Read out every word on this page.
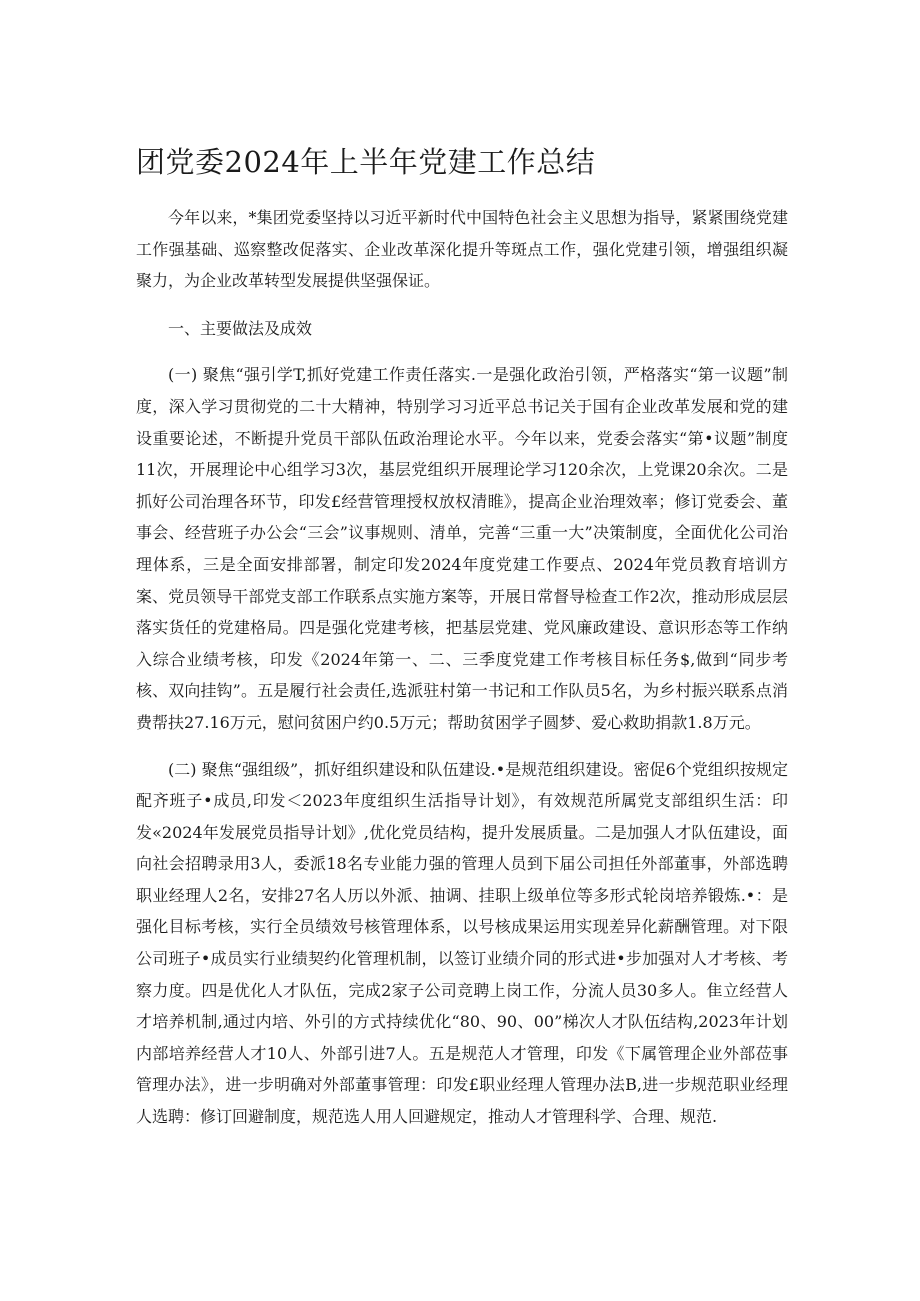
团党委2024年上半年党建工作总结

今年以来，*集团党委坚持以习近平新时代中国特色社会主义思想为指导，紧紧围绕党建工作强基础、巡察整改促落实、企业改革深化提升等斑点工作，强化党建引领，增强组织凝聚力，为企业改革转型发展提供坚强保证。

一、主要做法及成效

(一) 聚焦“强引学T,抓好党建工作责任落实.一是强化政治引领，严格落实“第一议题”制度，深入学习贯彻党的二十大精神，特别学习习近平总书记关于国有企业改革发展和党的建设重要论述，不断提升党员干部队伍政治理论水平。今年以来，党委会落实“第•议题”制度11次，开展理论中心组学习3次，基层党组织开展理论学习120余次，上党课20余次。二是抓好公司治理各环节，印发£经营管理授权放权清睢》，提高企业治理效率；修订党委会、董事会、经营班子办公会“三会”议事规则、清单，完善“三重一大”决策制度，全面优化公司治理体系，三是全面安排部署，制定印发2024年度党建工作要点、2024年党员教育培训方案、党员领导干部党支部工作联系点实施方案等，开展日常督导检查工作2次，推动形成层层落实货任的党建格局。四是强化党建考核，把基层党建、党风廉政建设、意识形态等工作纳入综合业绩考核，印发《2024年第一、二、三季度党建工作考核目标任务$,做到“同步考核、双向挂钩”。五是履行社会责任,选派驻村第一书记和工作队员5名，为乡村振兴联系点消费帮扶27.16万元，慰问贫困户约0.5万元；帮助贫困学子圆梦、爱心救助捐款1.8万元。

(二) 聚焦“强组级”，抓好组织建设和队伍建设.•是规范组织建设。密促6个党组织按规定配齐班子•成员,印发＜2023年度组织生活指导计划》，有效规范所属党支部组织生活：印发«2024年发展党员指导计划》,优化党员结构，提升发展质量。二是加强人才队伍建设，面向社会招聘录用3人，委派18名专业能力强的管理人员到下届公司担任外部董事，外部选聘职业经理人2名，安排27名人历以外派、抽调、挂职上级单位等多形式轮岗培养锻炼.•：是强化目标考核，实行全员绩效号核管理体系，以号核成果运用实现差异化薪酬管理。对下限公司班子•成员实行业绩契约化管理机制，以签订业绩介同的形式进•步加强对人才考核、考察力度。四是优化人才队伍，完成2家子公司竞聘上岗工作，分流人员30多人。隹立经营人才培养机制,通过内培、外引的方式持续优化“80、90、00”梯次人才队伍结构,2023年计划内部培养经营人才10人、外部引进7人。五是规范人才管理，印发《下属管理企业外部莅事管理办法》，进一步明确对外部董事管理：印发£职业经理人管理办法B,进一步规范职业经理人选聘：修订回避制度，规范选人用人回避规定，推动人才管理科学、合理、规范.
